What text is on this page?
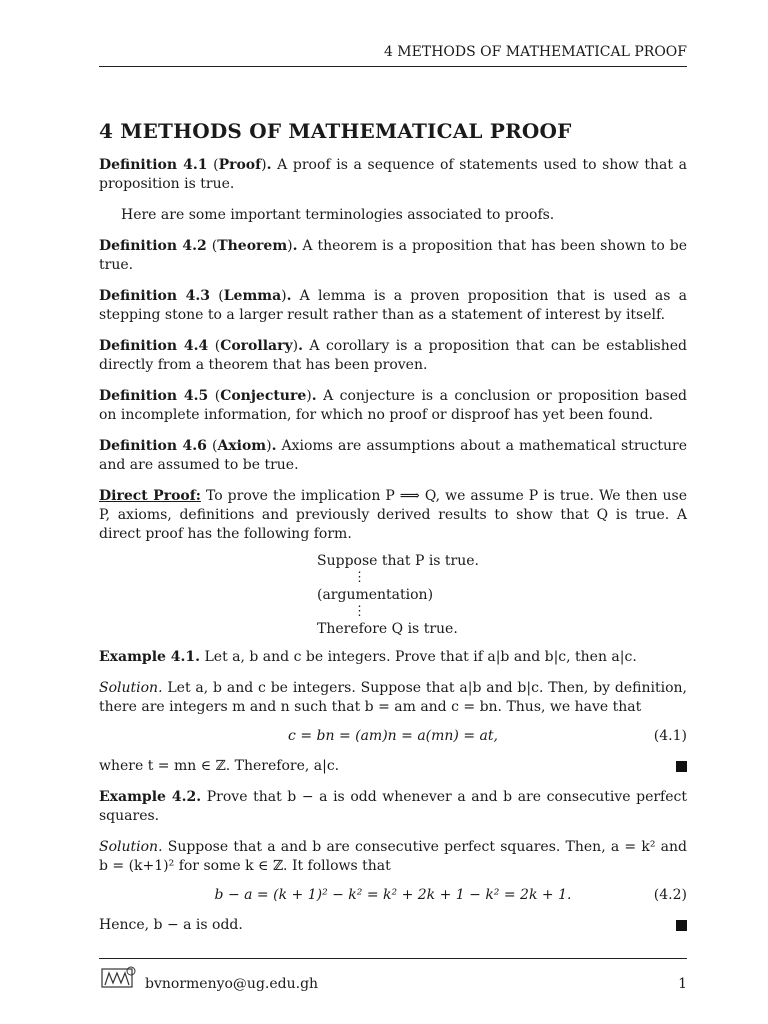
4 METHODS OF MATHEMATICAL PROOF
4 METHODS OF MATHEMATICAL PROOF

Definition 4.1 (Proof). A proof is a sequence of statements used to show that a proposition is true.

Here are some important terminologies associated to proofs.

Definition 4.2 (Theorem). A theorem is a proposition that has been shown to be true.

Definition 4.3 (Lemma). A lemma is a proven proposition that is used as a stepping stone to a larger result rather than as a statement of interest by itself.

Definition 4.4 (Corollary). A corollary is a proposition that can be established directly from a theorem that has been proven.

Definition 4.5 (Conjecture). A conjecture is a conclusion or proposition based on incomplete information, for which no proof or disproof has yet been found.

Definition 4.6 (Axiom). Axioms are assumptions about a mathematical structure and are assumed to be true.

Direct Proof: To prove the implication P ⟹ Q, we assume P is true. We then use P, axioms, definitions and previously derived results to show that Q is true. A direct proof has the following form.

Suppose that P is true.
⋮
(argumentation)
⋮
Therefore Q is true.

Example 4.1. Let a, b and c be integers. Prove that if a|b and b|c, then a|c.

Solution. Let a, b and c be integers. Suppose that a|b and b|c. Then, by definition, there are integers m and n such that b = am and c = bn. Thus, we have that

c = bn = (am)n = a(mn) = at,	(4.1)

where t = mn ∈ ℤ. Therefore, a|c.

Example 4.2. Prove that b − a is odd whenever a and b are consecutive perfect squares.

Solution. Suppose that a and b are consecutive perfect squares. Then, a = k² and b = (k+1)² for some k ∈ ℤ. It follows that

b − a = (k + 1)² − k² = k² + 2k + 1 − k² = 2k + 1.	(4.2)

Hence, b − a is odd.

bvnormenyo@ug.edu.gh	1
